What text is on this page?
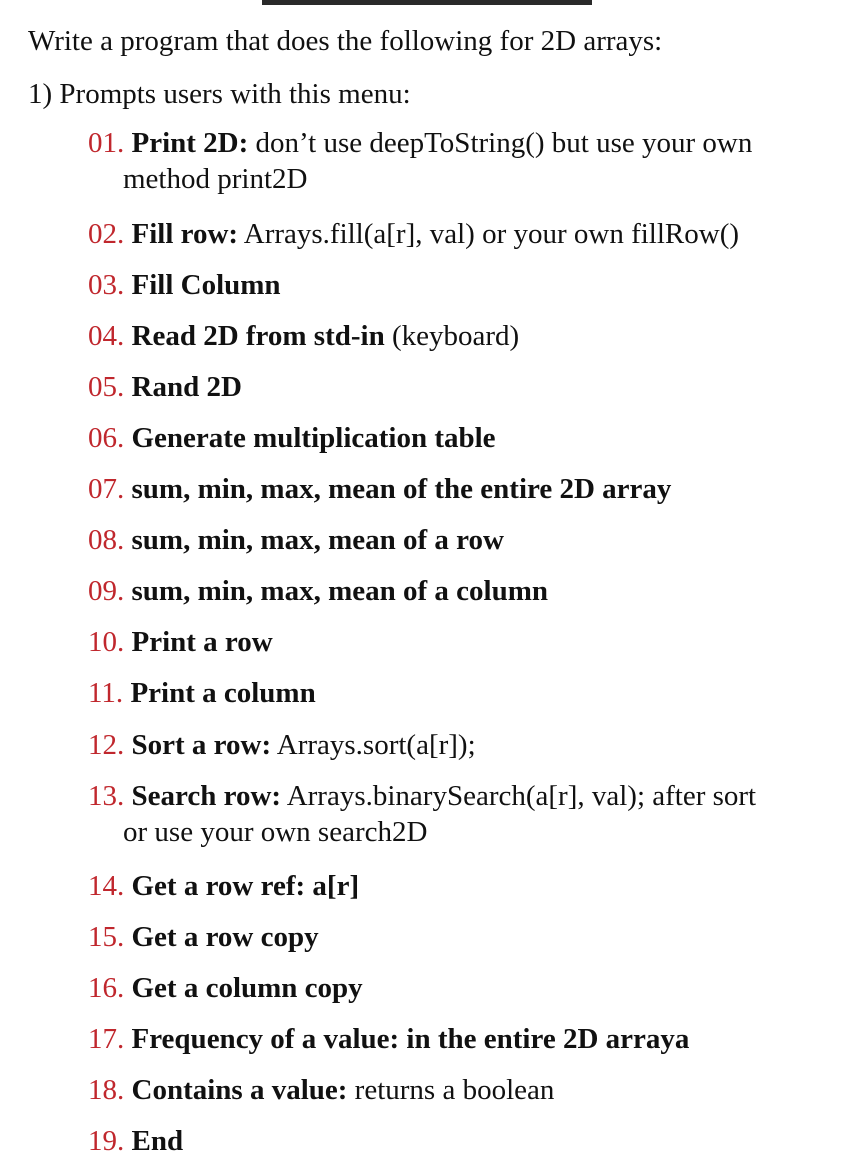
Write a program that does the following for 2D arrays:
1) Prompts users with this menu:
01. Print 2D: don’t use deepToString() but use your own
method print2D
02. Fill row: Arrays.fill(a[r], val) or your own fillRow()
03. Fill Column
04. Read 2D from std-in (keyboard)
05. Rand 2D
06. Generate multiplication table
07. sum, min, max, mean of the entire 2D array
08. sum, min, max, mean of a row
09. sum, min, max, mean of a column
10. Print a row
11. Print a column
12. Sort a row: Arrays.sort(a[r]);
13. Search row: Arrays.binarySearch(a[r], val); after sort
or use your own search2D
14. Get a row ref: a[r]
15. Get a row copy
16. Get a column copy
17. Frequency of a value: in the entire 2D arraya
18. Contains a value: returns a boolean
19. End
